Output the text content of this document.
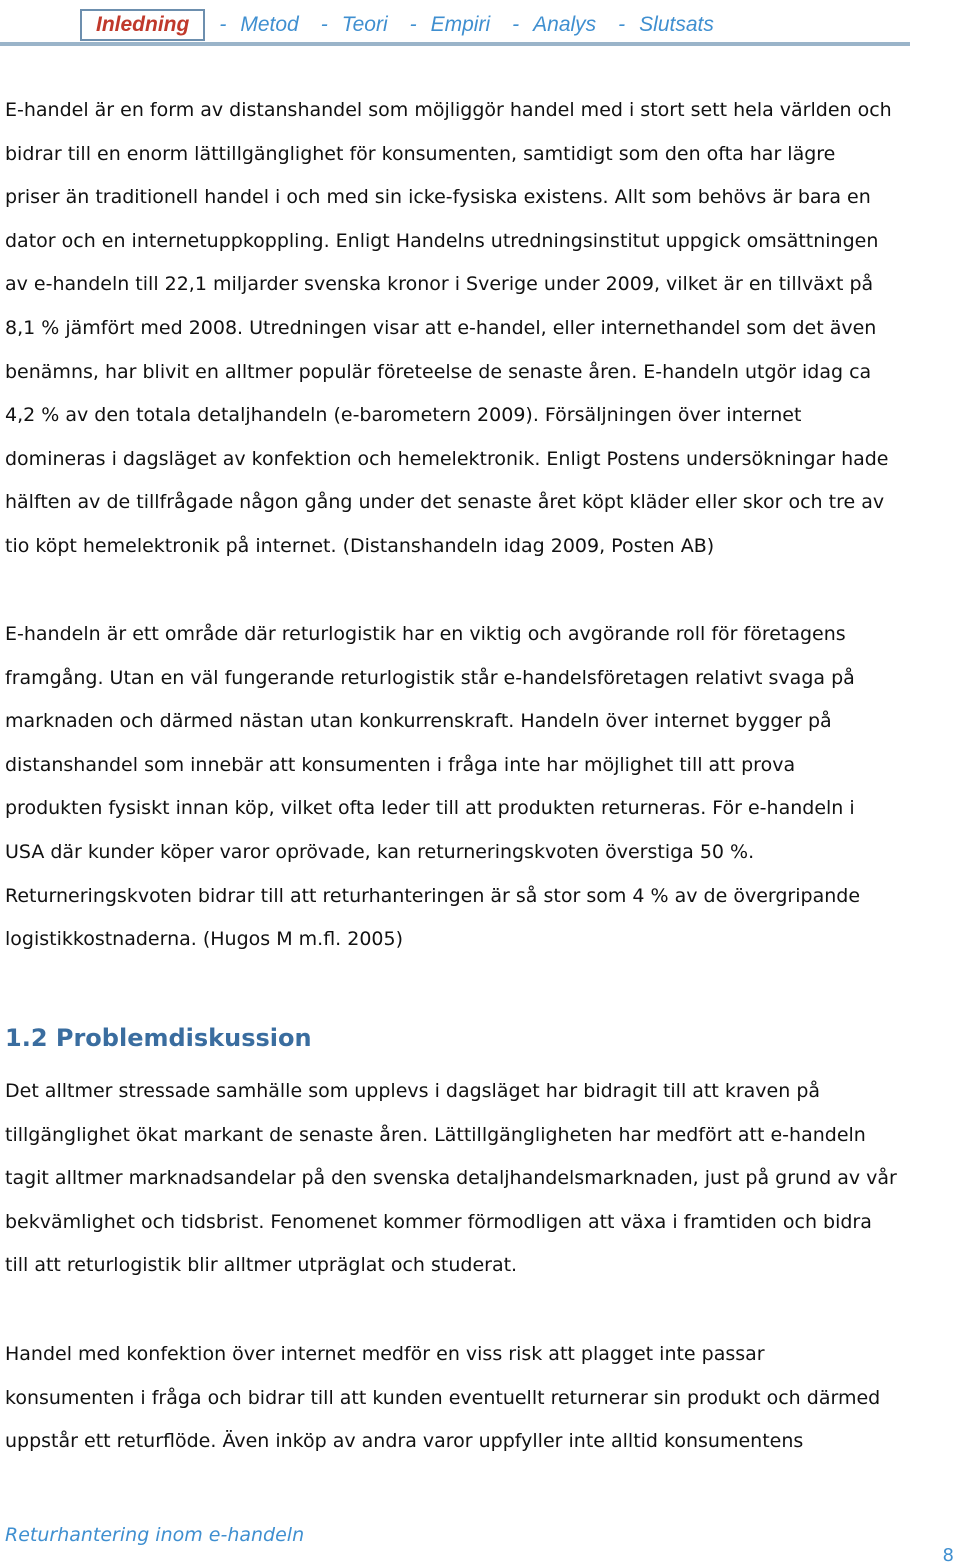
Inledning	- Metod - Teori - Empiri - Analys - Slutsats
E-handel är en form av distanshandel som möjliggör handel med i stort sett hela världen och
bidrar till en enorm lättillgänglighet för konsumenten, samtidigt som den ofta har lägre
priser än traditionell handel i och med sin icke-fysiska existens. Allt som behövs är bara en
dator och en internetuppkoppling. Enligt Handelns utredningsinstitut uppgick omsättningen
av e-handeln till 22,1 miljarder svenska kronor i Sverige under 2009, vilket är en tillväxt på
8,1 % jämfört med 2008. Utredningen visar att e-handel, eller internethandel som det även
benämns, har blivit en alltmer populär företeelse de senaste åren. E-handeln utgör idag ca
4,2 % av den totala detaljhandeln (e-barometern 2009). Försäljningen över internet
domineras i dagsläget av konfektion och hemelektronik. Enligt Postens undersökningar hade
hälften av de tillfrågade någon gång under det senaste året köpt kläder eller skor och tre av
tio köpt hemelektronik på internet. (Distanshandeln idag 2009, Posten AB)
E-handeln är ett område där returlogistik har en viktig och avgörande roll för företagens
framgång. Utan en väl fungerande returlogistik står e-handelsföretagen relativt svaga på
marknaden och därmed nästan utan konkurrenskraft. Handeln över internet bygger på
distanshandel som innebär att konsumenten i fråga inte har möjlighet till att prova
produkten fysiskt innan köp, vilket ofta leder till att produkten returneras. För e-handeln i
USA där kunder köper varor oprövade, kan returneringskvoten överstiga 50 %.
Returneringskvoten bidrar till att returhanteringen är så stor som 4 % av de övergripande
logistikkostnaderna. (Hugos M m.fl. 2005)
1.2 Problemdiskussion
Det alltmer stressade samhälle som upplevs i dagsläget har bidragit till att kraven på
tillgänglighet ökat markant de senaste åren. Lättillgängligheten har medfört att e-handeln
tagit alltmer marknadsandelar på den svenska detaljhandelsmarknaden, just på grund av vår
bekvämlighet och tidsbrist. Fenomenet kommer förmodligen att växa i framtiden och bidra
till att returlogistik blir alltmer utpräglat och studerat.
Handel med konfektion över internet medför en viss risk att plagget inte passar
konsumenten i fråga och bidrar till att kunden eventuellt returnerar sin produkt och därmed
uppstår ett returflöde. Även inköp av andra varor uppfyller inte alltid konsumentens
Returhantering inom e-handeln
8
